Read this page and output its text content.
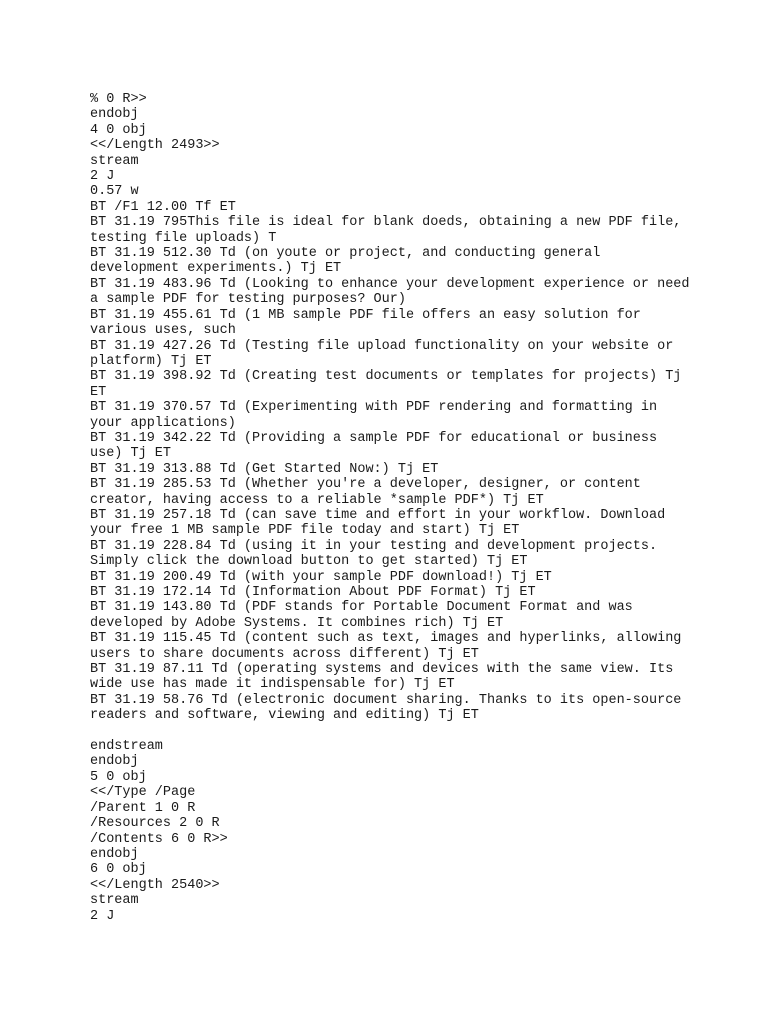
% 0 R>>
endobj
4 0 obj
<</Length 2493>>
stream
2 J
0.57 w
BT /F1 12.00 Tf ET
BT 31.19 795This file is ideal for blank doeds, obtaining a new PDF file,
testing file uploads) T
BT 31.19 512.30 Td (on youte or project, and conducting general
development experiments.) Tj ET
BT 31.19 483.96 Td (Looking to enhance your development experience or need
a sample PDF for testing purposes? Our)
BT 31.19 455.61 Td (1 MB sample PDF file offers an easy solution for
various uses, such
BT 31.19 427.26 Td (Testing file upload functionality on your website or
platform) Tj ET
BT 31.19 398.92 Td (Creating test documents or templates for projects) Tj
ET
BT 31.19 370.57 Td (Experimenting with PDF rendering and formatting in
your applications)
BT 31.19 342.22 Td (Providing a sample PDF for educational or business
use) Tj ET
BT 31.19 313.88 Td (Get Started Now:) Tj ET
BT 31.19 285.53 Td (Whether you're a developer, designer, or content
creator, having access to a reliable *sample PDF*) Tj ET
BT 31.19 257.18 Td (can save time and effort in your workflow. Download
your free 1 MB sample PDF file today and start) Tj ET
BT 31.19 228.84 Td (using it in your testing and development projects.
Simply click the download button to get started) Tj ET
BT 31.19 200.49 Td (with your sample PDF download!) Tj ET
BT 31.19 172.14 Td (Information About PDF Format) Tj ET
BT 31.19 143.80 Td (PDF stands for Portable Document Format and was
developed by Adobe Systems. It combines rich) Tj ET
BT 31.19 115.45 Td (content such as text, images and hyperlinks, allowing
users to share documents across different) Tj ET
BT 31.19 87.11 Td (operating systems and devices with the same view. Its
wide use has made it indispensable for) Tj ET
BT 31.19 58.76 Td (electronic document sharing. Thanks to its open-source
readers and software, viewing and editing) Tj ET
endstream
endobj
5 0 obj
<</Type /Page
/Parent 1 0 R
/Resources 2 0 R
/Contents 6 0 R>>
endobj
6 0 obj
<</Length 2540>>
stream
2 J
